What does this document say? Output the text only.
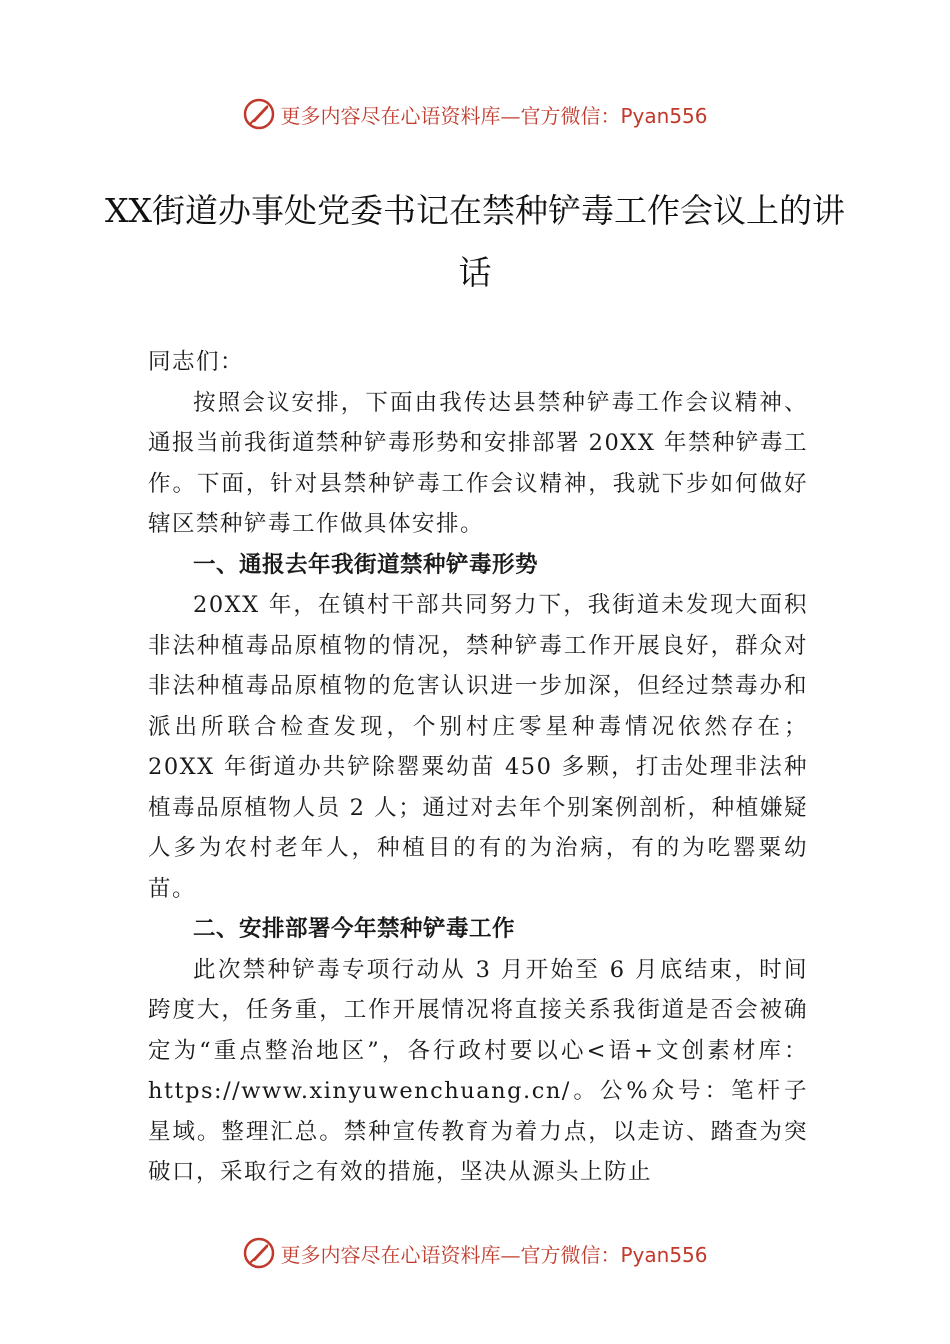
更多内容尽在心语资料库—官方微信：Pyan556
XX街道办事处党委书记在禁种铲毒工作会议上的讲话

同志们：

按照会议安排，下面由我传达县禁种铲毒工作会议精神、通报当前我街道禁种铲毒形势和安排部署 20XX 年禁种铲毒工作。下面，针对县禁种铲毒工作会议精神，我就下步如何做好辖区禁种铲毒工作做具体安排。

一、通报去年我街道禁种铲毒形势

20XX 年，在镇村干部共同努力下，我街道未发现大面积非法种植毒品原植物的情况，禁种铲毒工作开展良好，群众对非法种植毒品原植物的危害认识进一步加深，但经过禁毒办和派出所联合检查发现，个别村庄零星种毒情况依然存在；20XX 年街道办共铲除罂粟幼苗 450 多颗，打击处理非法种植毒品原植物人员 2 人；通过对去年个别案例剖析，种植嫌疑人多为农村老年人，种植目的有的为治病，有的为吃罂粟幼苗。

二、安排部署今年禁种铲毒工作

此次禁种铲毒专项行动从 3 月开始至 6 月底结束，时间跨度大，任务重，工作开展情况将直接关系我街道是否会被确定为“重点整治地区”，各行政村要以心<语+文创素材库：https://www.xinyuwenchuang.cn/。公%众号：笔杆子星域。整理汇总。禁种宣传教育为着力点，以走访、踏查为突破口，采取行之有效的措施，坚决从源头上防止

更多内容尽在心语资料库—官方微信：Pyan556
